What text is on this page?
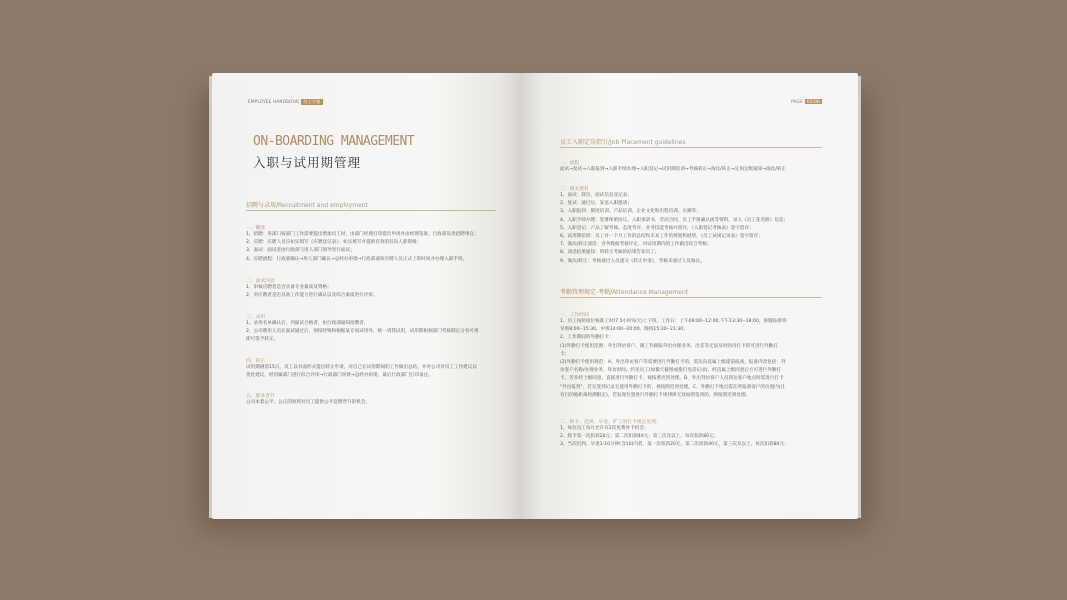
EMPLOYEE HANDBOOK 员工手册
ON-BOARDING MANAGEMENT
入职与试用期管理
招聘与录用/Recruitment and employment
一、概述
1、招聘：各部门按部门工作需要提出增加员工时，由部门经理打印提出申请并由经理签准，行政部负责招聘事宜；
2、应聘：应聘人员应如实填写《应聘登记表》，如实填写并提供有效的双向人职资格；
3、面试：面试者由行政部与用人部门领导进行面试；
4、应聘流程：行政部确认→用人部门确认→总经办审批→行政部通知应聘人员正式上班时间并办理入职手续。
二、面试内容
1、审核应聘者是否具备专业素质及资格；
2、对应聘者是否具备工作能力进行确认以及综合素质进行评审。
三、录用
1、录用名单确认后，列面试合格者，由行政部通知招聘者；
2、公司聘用人员在面试通过后，须按特殊和根据某专项试用外，统一请我试用，试用期根据部门考核制定分各可视
即可签予转正。
四、转正
试用期满前15日，员工以书面形式提出转正申请，对自己在试用期间的工作做出总结，并对公司对员工工作建议以
优化建议，经用属部门进行综合评审→行政部门审批→总经办审批，最后行政部门打印备注。
五、职业晋升
公司本着公平、公正的原则对员工提供公平竞聘晋升的机会。
PAGE 05/06
员工入职定岗指引/Job Placement guidelines
一、流程
面试→复试→入职报到→入职手续办理→入职登记→试用期培训→考核转正→淘汰/转正→定岗定级通知→淘汰/转正
二、相关资料
1、面试：简历、面试信息登记表；
2、复试：通过后，发送入职邀请；
3、入职报到：制度培训、产品培训、企业文化和历程培训、实操等；
4、入职手续办理：签署保密协议、入职承诺书、劳动合同，员工手册确认函等资料，录入《员工花名册》信息；
5、入职登记：产品了解考核、态度考评、业务技能考核并留存，《入职登记考核表》签字留存；
6、试用期培训：员工对一个月工作的总结和未来工作的规划和展望，《员工试岗记录表》签字留存；
7、淘汰/转正谈话：业务数据考核评定，对试用期内的工作做出综合考核；
8、谈话结果通知：将转正考核的结果告知员工；
9、淘汰/转正：考核通过人员递交《转正申请》，考核未通过人员淘汰。
考勤管理规定-考勤/Attendance Management
一、工作时间
1、员工按照岗位核准工时(7.5小时每天)上下班，工作日：上午09:00--12:00,下午13:30--18:00，客服按排班
早班8:00--15:30、中班14:00--20:00、晚班15:30--21:30；
2、工作期间的外勤打卡：
(1)外勤打卡使用范围：外出拜访客户、跟工作跟踪外出办理业务、出差等无法及时到司打卡的可进行外勤打
卡；
(2)外勤打卡使用规范：A、外出拜访客户等需要进行外勤打卡的，需先向直属上级提前报备，报备内容包括：拜
访客户名称/办理业务、拜访时间、约见员工(如微天截图或拨打电话记录)，经直属上级同意后方可进行外勤打
卡。若未经上级同意，直接进行外勤打卡，视按照迟到处理。B、外出拜访客户人员到达客户地点时需进行打卡
"外出报到"，若无签到记录且使用外勤打卡的，视按照迟到处理。C、外勤打卡地点需在所报备客户的位置内(且
有目的地距离检测限定)，若发现位置进行外勤打卡规律律无效如照签到的，则按照迟到处理。
二、缺卡、迟到、早退、旷工的打卡规定处理：
1、每位员工每月允许有2次免费补卡机会；
2、缺卡第一次扣款20元；第二次扣款40元；第三次及以上，每次扣款80元；
3、当次迟到、早退1-10分钟(含10)内者，第一次扣款20元，第二次扣款40元，第三次及以上，每次扣款80元；
